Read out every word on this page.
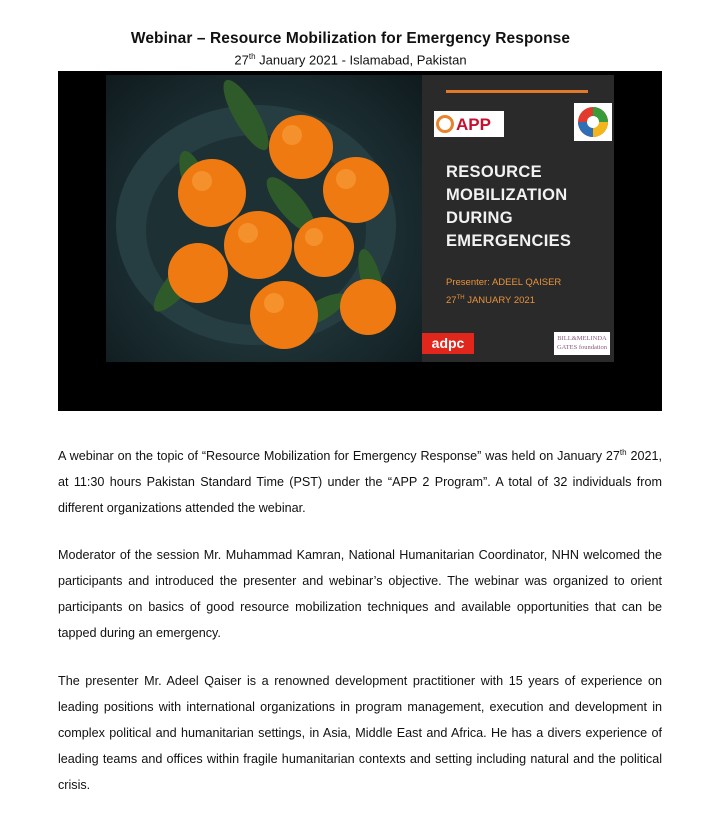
Webinar – Resource Mobilization for Emergency Response
27th January 2021 - Islamabad, Pakistan
APP
RESOURCE
MOBILIZATION
DURING
EMERGENCIES
Presenter: ADEEL QAISER
27TH JANUARY 2021
adpc	BILL&MELINDA
GATES foundation
A webinar on the topic of “Resource Mobilization for Emergency Response” was held on January 27th 2021, at 11:30 hours Pakistan Standard Time (PST) under the “APP 2 Program”. A total of 32 individuals from different organizations attended the webinar.
Moderator of the session Mr. Muhammad Kamran, National Humanitarian Coordinator, NHN welcomed the participants and introduced the presenter and webinar’s objective. The webinar was organized to orient participants on basics of good resource mobilization techniques and available opportunities that can be tapped during an emergency.
The presenter Mr. Adeel Qaiser is a renowned development practitioner with 15 years of experience on leading positions with international organizations in program management, execution and development in complex political and humanitarian settings, in Asia, Middle East and Africa. He has a divers experience of leading teams and offices within fragile humanitarian contexts and setting including natural and the political crisis.
